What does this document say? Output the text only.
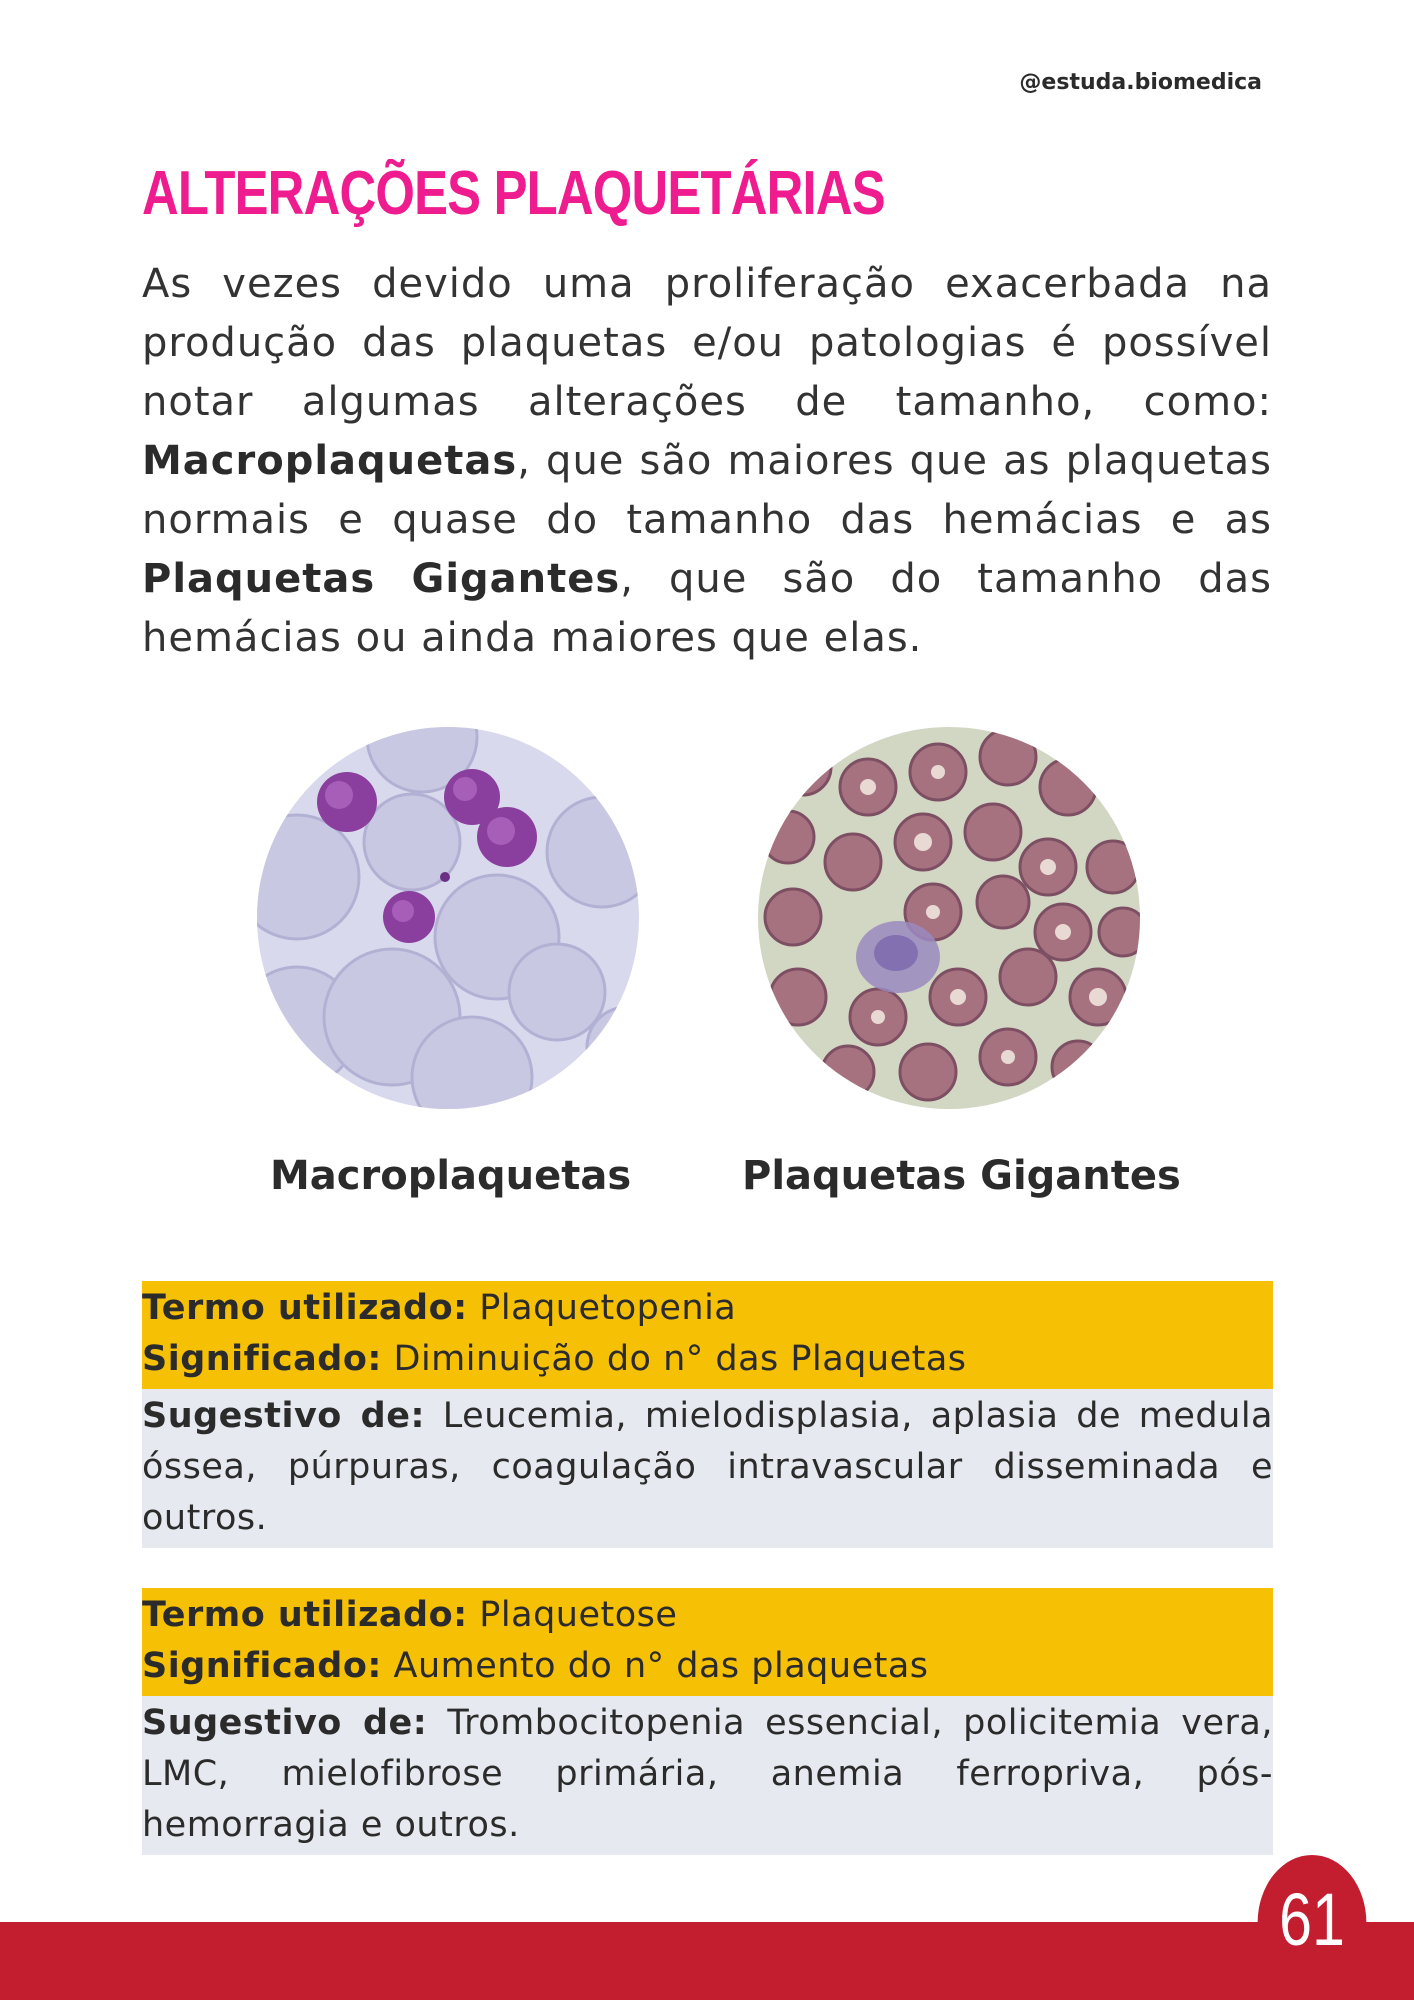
@estuda.biomedica
ALTERAÇÕES PLAQUETÁRIAS

As vezes devido uma proliferação exacerbada na produção das plaquetas e/ou patologias é possível notar algumas alterações de tamanho, como: Macroplaquetas, que são maiores que as plaquetas normais e quase do tamanho das hemácias e as Plaquetas Gigantes, que são do tamanho das hemácias ou ainda maiores que elas.

Macroplaquetas	Plaquetas Gigantes
Termo utilizado: Plaquetopenia
Significado: Diminuição do n° das Plaquetas
Sugestivo de: Leucemia, mielodisplasia, aplasia de medula óssea, púrpuras, coagulação intravascular disseminada e outros.
Termo utilizado: Plaquetose
Significado: Aumento do n° das plaquetas
Sugestivo de: Trombocitopenia essencial, policitemia vera, LMC, mielofibrose primária, anemia ferropriva, pós-hemorragia e outros.
61
